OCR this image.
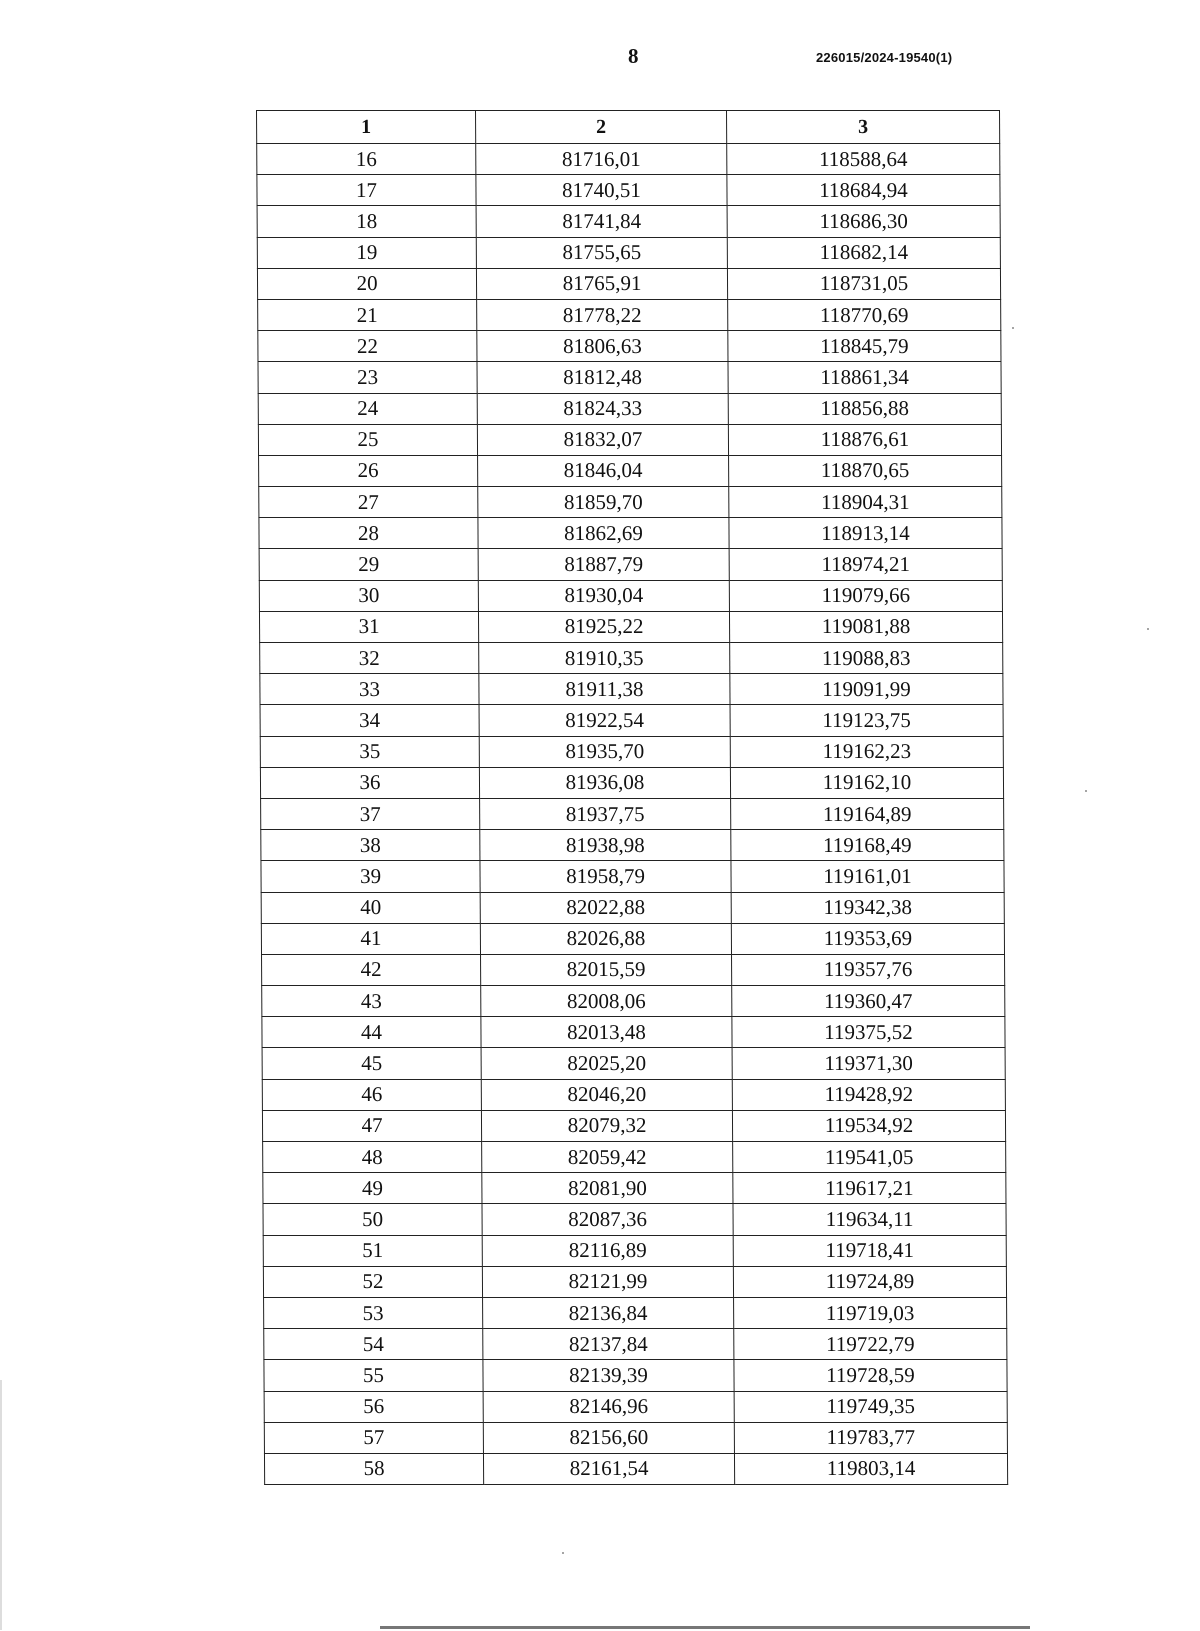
8	226015/2024-19540(1)
1	2	3
16	81716,01	118588,64
17	81740,51	118684,94
18	81741,84	118686,30
19	81755,65	118682,14
20	81765,91	118731,05
21	81778,22	118770,69
22	81806,63	118845,79
23	81812,48	118861,34
24	81824,33	118856,88
25	81832,07	118876,61
26	81846,04	118870,65
27	81859,70	118904,31
28	81862,69	118913,14
29	81887,79	118974,21
30	81930,04	119079,66
31	81925,22	119081,88
32	81910,35	119088,83
33	81911,38	119091,99
34	81922,54	119123,75
35	81935,70	119162,23
36	81936,08	119162,10
37	81937,75	119164,89
38	81938,98	119168,49
39	81958,79	119161,01
40	82022,88	119342,38
41	82026,88	119353,69
42	82015,59	119357,76
43	82008,06	119360,47
44	82013,48	119375,52
45	82025,20	119371,30
46	82046,20	119428,92
47	82079,32	119534,92
48	82059,42	119541,05
49	82081,90	119617,21
50	82087,36	119634,11
51	82116,89	119718,41
52	82121,99	119724,89
53	82136,84	119719,03
54	82137,84	119722,79
55	82139,39	119728,59
56	82146,96	119749,35
57	82156,60	119783,77
58	82161,54	119803,14
